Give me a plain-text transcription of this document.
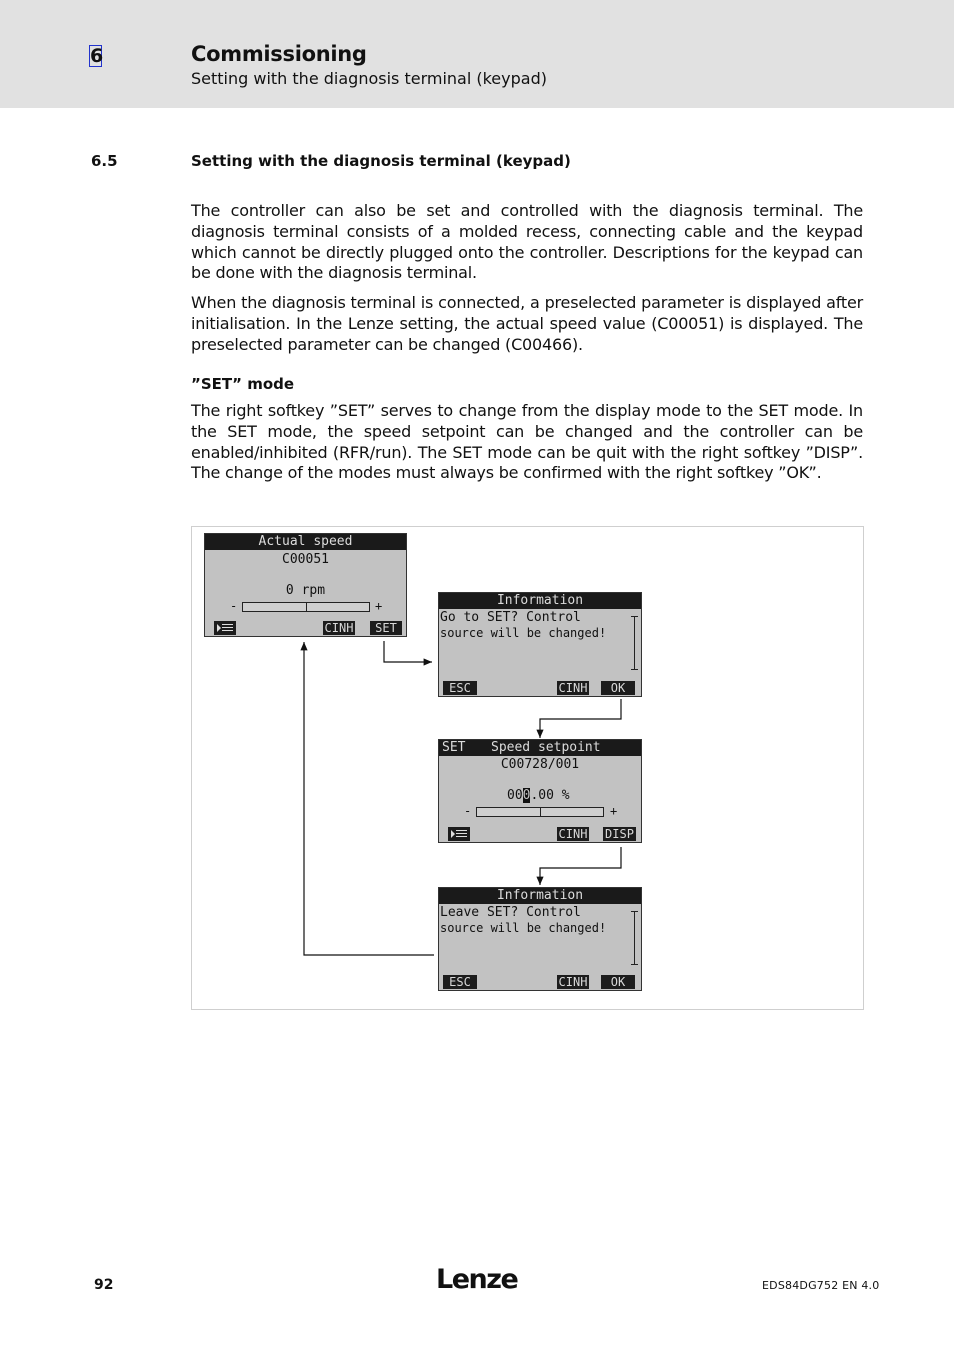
6	Commissioning
Setting with the diagnosis terminal (keypad)
6.5	Setting with the diagnosis terminal (keypad)

The controller can also be set and controlled with the diagnosis terminal. The diagnosis terminal consists of a molded recess, connecting cable and the keypad which cannot be directly plugged onto the controller. Descriptions for the keypad can be done with the diagnosis terminal.

When the diagnosis terminal is connected, a preselected parameter is displayed after initialisation. In the Lenze setting, the actual speed value (C00051) is displayed. The preselected parameter can be changed (C00466).

”SET” mode

The right softkey ”SET” serves to change from the display mode to the SET mode. In the SET mode, the speed setpoint can be changed and the controller can be enabled/inhibited (RFR/run). The SET mode can be quit with the right softkey ”DISP”. The change of the modes must always be confirmed with the right softkey ”OK”.

Actual speed
C00051
0 rpm
-	+
CINH	SET
Information
Go to SET? Control
source will be changed!
ESC	CINH	OK
SET Speed setpoint
C00728/001
000.00 %
-	+
CINH DISP
Information
Leave SET? Control
source will be changed!
ESC	CINH	OK
92	Lenze	EDS84DG752 EN 4.0
